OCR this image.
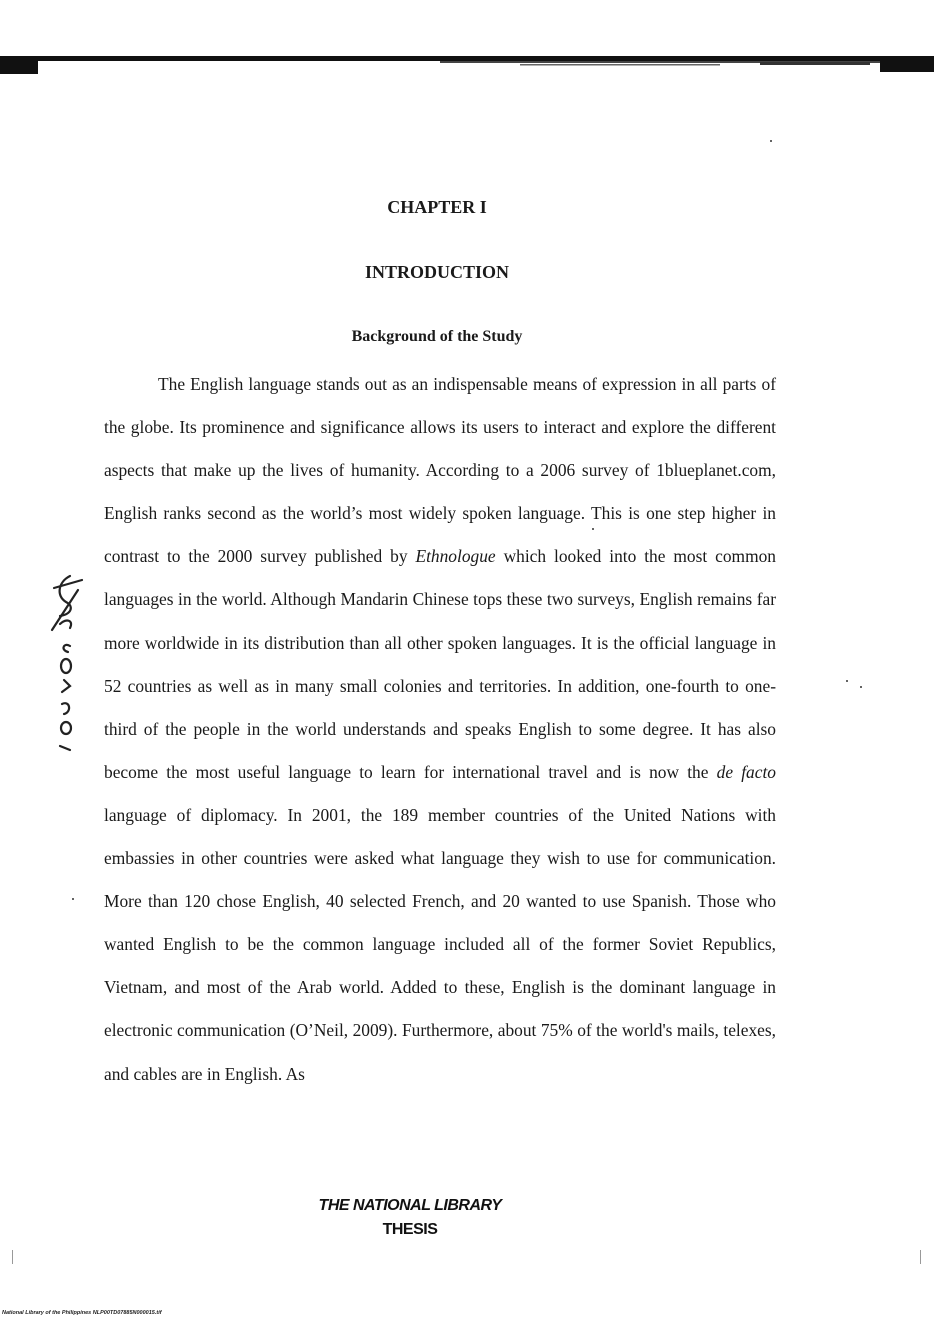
CHAPTER I
INTRODUCTION
Background of the Study

The English language stands out as an indispensable means of expression in all parts of the globe. Its prominence and significance allows its users to interact and explore the different aspects that make up the lives of humanity. According to a 2006 survey of 1blueplanet.com, English ranks second as the world’s most widely spoken language. This is one step higher in contrast to the 2000 survey published by Ethnologue which looked into the most common languages in the world. Although Mandarin Chinese tops these two surveys, English remains far more worldwide in its distribution than all other spoken languages. It is the official language in 52 countries as well as in many small colonies and territories. In addition, one-fourth to one-third of the people in the world understands and speaks English to some degree. It has also become the most useful language to learn for international travel and is now the de facto language of diplomacy. In 2001, the 189 member countries of the United Nations with embassies in other countries were asked what language they wish to use for communication. More than 120 chose English, 40 selected French, and 20 wanted to use Spanish. Those who wanted English to be the common language included all of the former Soviet Republics, Vietnam, and most of the Arab world. Added to these, English is the dominant language in electronic communication (O’Neil, 2009). Furthermore, about 75% of the world's mails, telexes, and cables are in English. As

THE NATIONAL LIBRARY
THESIS
National Library of the Philippines NLP00TD07885N000015.tif
